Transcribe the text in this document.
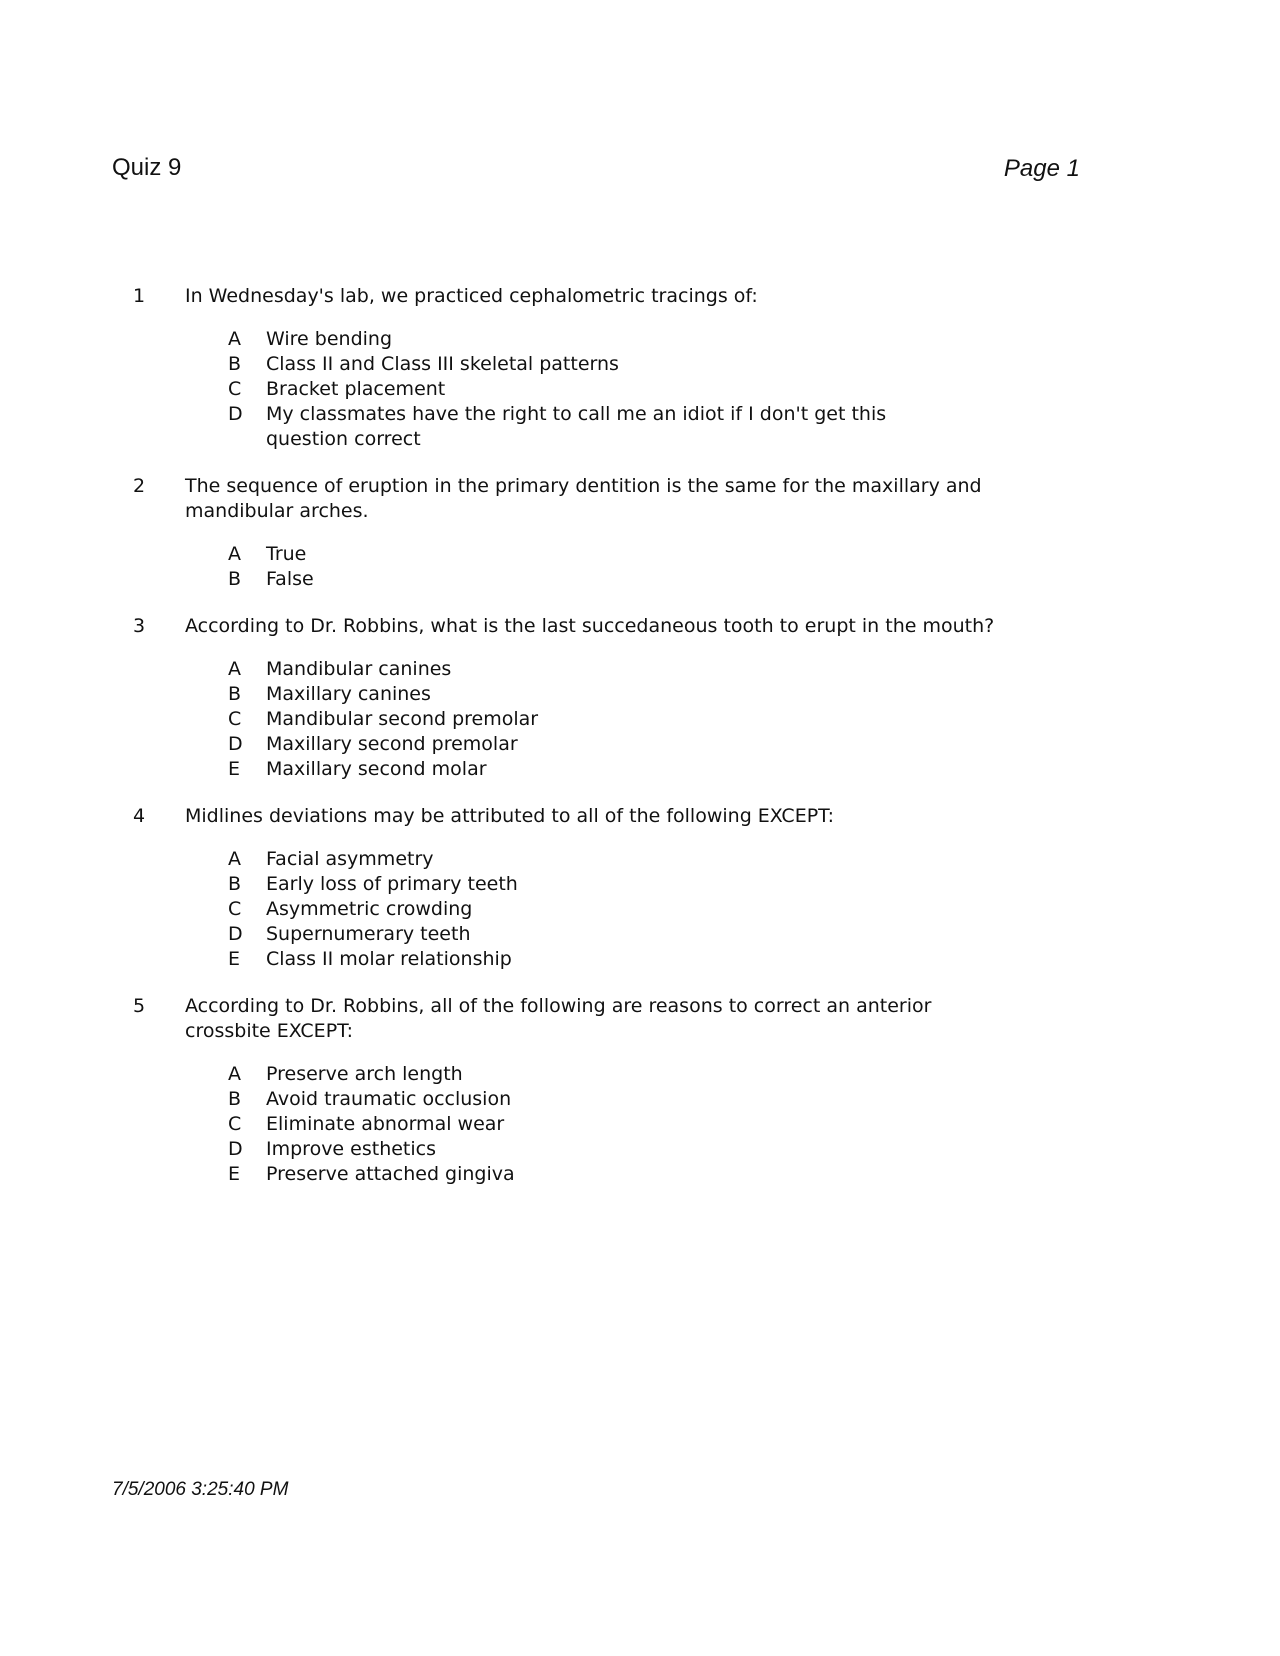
Quiz 9	Page 1
1	In Wednesday's lab, we practiced cephalometric tracings of:
A	Wire bending
B	Class II and Class III skeletal patterns
C	Bracket placement
D	My classmates have the right to call me an idiot if I don't get this question correct
2	The sequence of eruption in the primary dentition is the same for the maxillary and mandibular arches.
A	True
B	False
3	According to Dr. Robbins, what is the last succedaneous tooth to erupt in the mouth?
A	Mandibular canines
B	Maxillary canines
C	Mandibular second premolar
D	Maxillary second premolar
E	Maxillary second molar
4	Midlines deviations may be attributed to all of the following EXCEPT:
A	Facial asymmetry
B	Early loss of primary teeth
C	Asymmetric crowding
D	Supernumerary teeth
E	Class II molar relationship
5	According to Dr. Robbins, all of the following are reasons to correct an anterior crossbite EXCEPT:
A	Preserve arch length
B	Avoid traumatic occlusion
C	Eliminate abnormal wear
D	Improve esthetics
E	Preserve attached gingiva
7/5/2006 3:25:40 PM
